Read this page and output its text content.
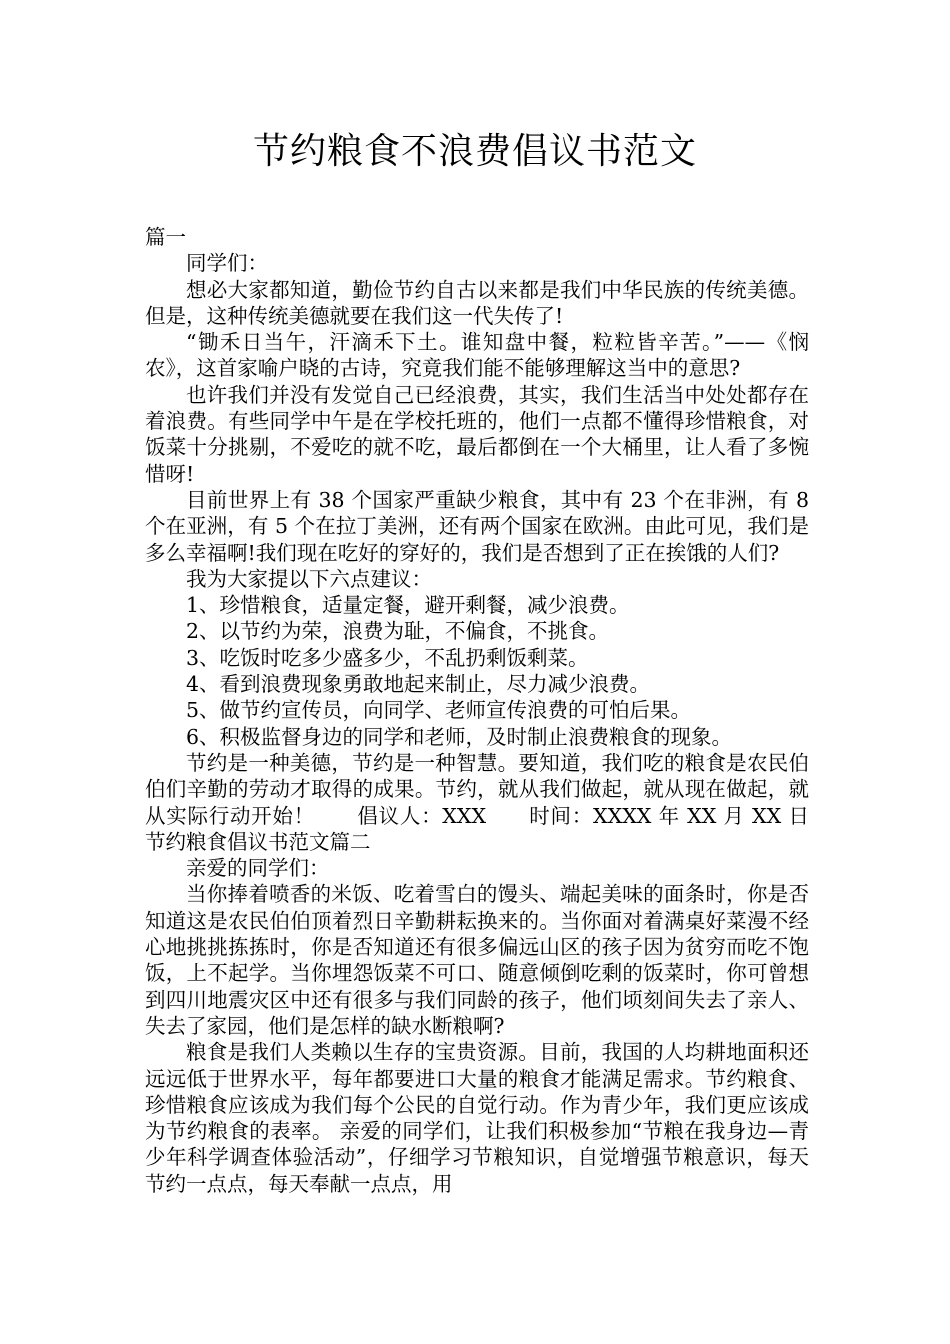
节约粮食不浪费倡议书范文

篇一

同学们：

想必大家都知道，勤俭节约自古以来都是我们中华民族的传统美德。但是，这种传统美德就要在我们这一代失传了!

“锄禾日当午，汗滴禾下土。谁知盘中餐，粒粒皆辛苦。”——《悯农》，这首家喻户晓的古诗，究竟我们能不能够理解这当中的意思?

也许我们并没有发觉自己已经浪费，其实，我们生活当中处处都存在着浪费。有些同学中午是在学校托班的，他们一点都不懂得珍惜粮食，对饭菜十分挑剔，不爱吃的就不吃，最后都倒在一个大桶里，让人看了多惋惜呀!

目前世界上有 38 个国家严重缺少粮食，其中有 23 个在非洲，有 8 个在亚洲，有 5 个在拉丁美洲，还有两个国家在欧洲。由此可见，我们是多么幸福啊!我们现在吃好的穿好的，我们是否想到了正在挨饿的人们?

我为大家提以下六点建议：

1、珍惜粮食，适量定餐，避开剩餐，减少浪费。

2、以节约为荣，浪费为耻，不偏食，不挑食。

3、吃饭时吃多少盛多少，不乱扔剩饭剩菜。

4、看到浪费现象勇敢地起来制止，尽力减少浪费。

5、做节约宣传员，向同学、老师宣传浪费的可怕后果。

6、积极监督身边的同学和老师，及时制止浪费粮食的现象。

节约是一种美德，节约是一种智慧。要知道，我们吃的粮食是农民伯伯们辛勤的劳动才取得的成果。节约，就从我们做起，就从现在做起，就从实际行动开始！　　倡议人：XXX　　时间：XXXX 年 XX 月 XX 日　　节约粮食倡议书范文篇二

亲爱的同学们：

当你捧着喷香的米饭、吃着雪白的馒头、端起美味的面条时，你是否知道这是农民伯伯顶着烈日辛勤耕耘换来的。当你面对着满桌好菜漫不经心地挑挑拣拣时，你是否知道还有很多偏远山区的孩子因为贫穷而吃不饱饭，上不起学。当你埋怨饭菜不可口、随意倾倒吃剩的饭菜时，你可曾想到四川地震灾区中还有很多与我们同龄的孩子，他们顷刻间失去了亲人、失去了家园，他们是怎样的缺水断粮啊?

粮食是我们人类赖以生存的宝贵资源。目前，我国的人均耕地面积还远远低于世界水平，每年都要进口大量的粮食才能满足需求。节约粮食、珍惜粮食应该成为我们每个公民的自觉行动。作为青少年，我们更应该成为节约粮食的表率。 亲爱的同学们，让我们积极参加“节粮在我身边—青少年科学调查体验活动”，仔细学习节粮知识，自觉增强节粮意识，每天节约一点点，每天奉献一点点，用
